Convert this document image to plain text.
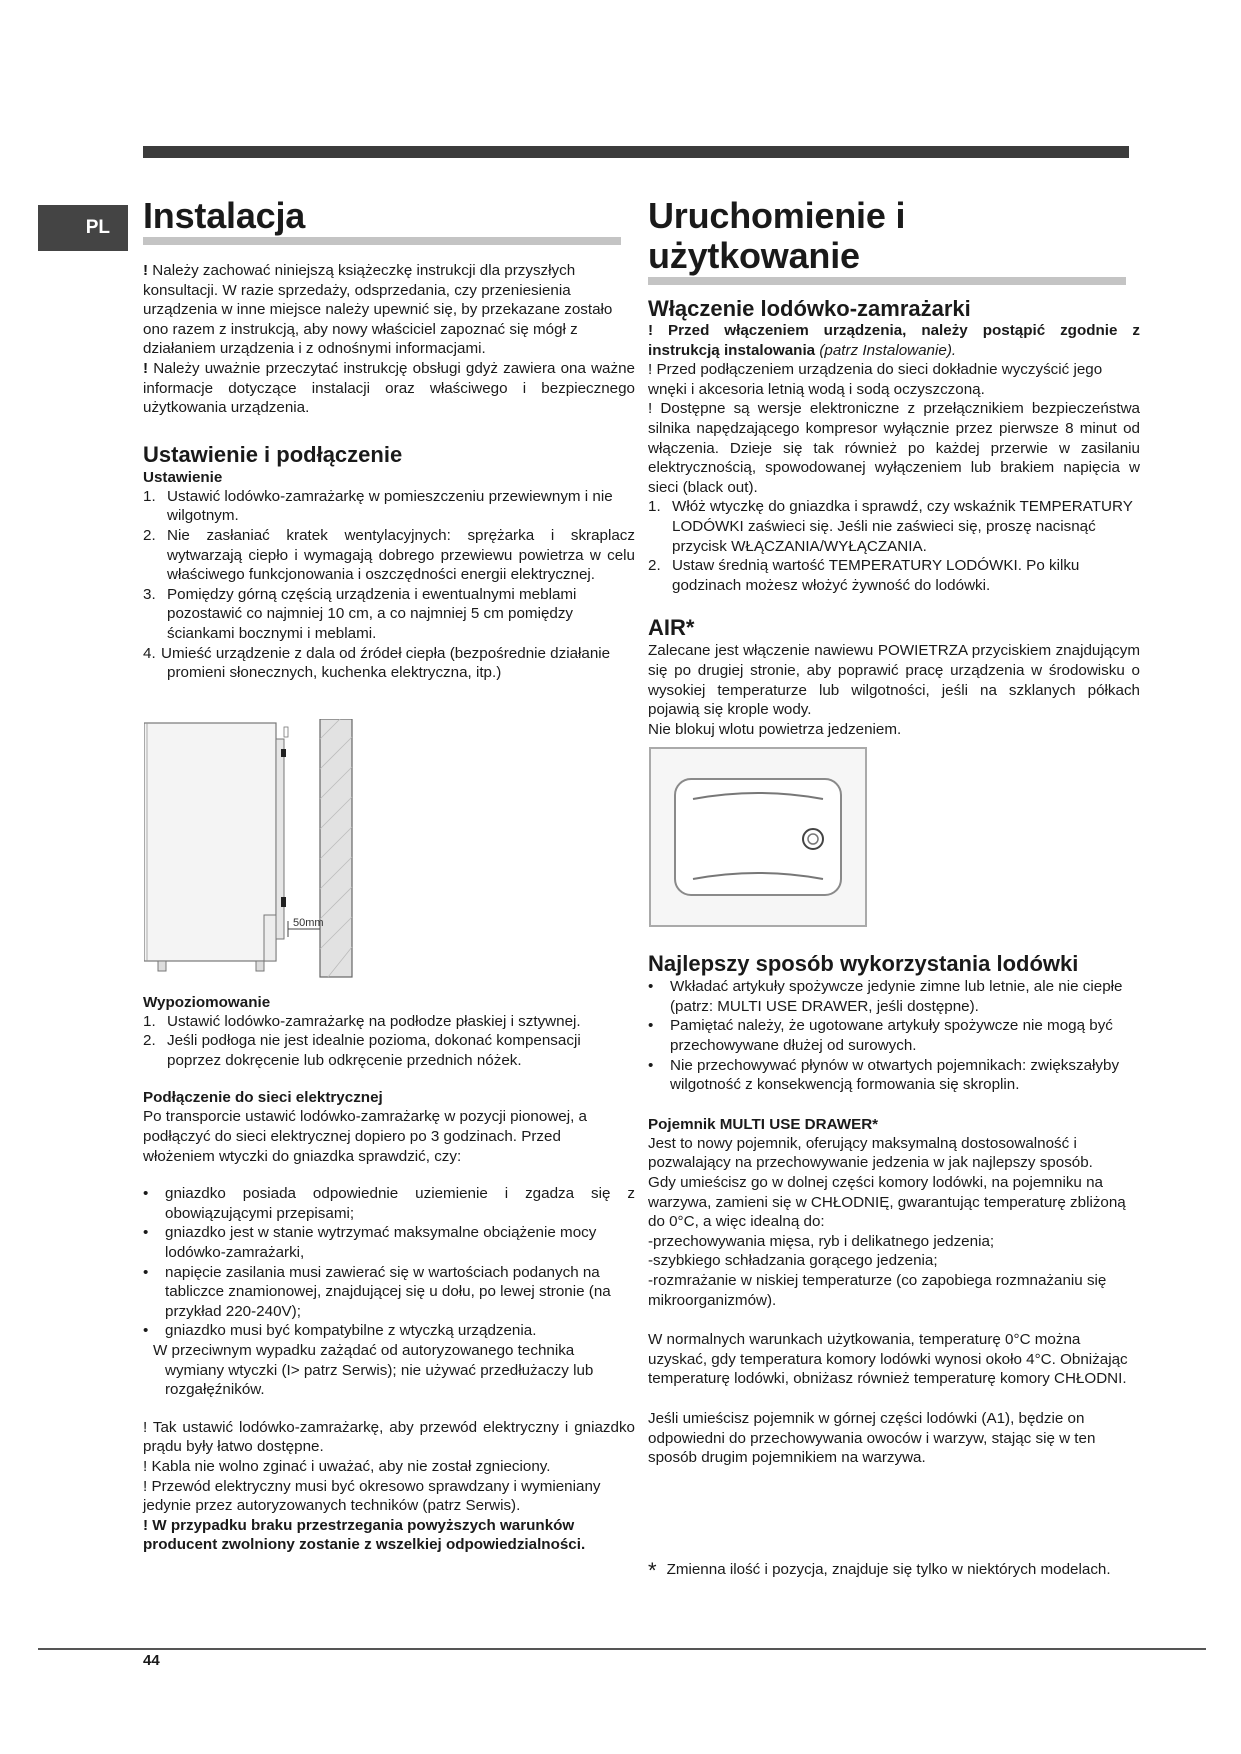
PL Instalacja

! Należy zachować niniejszą książeczkę instrukcji dla przyszłych konsultacji. W razie sprzedaży, odsprzedania, czy przeniesienia urządzenia w inne miejsce należy upewnić się, by przekazane zostało ono razem z instrukcją, aby nowy właściciel zapoznać się mógł z działaniem urządzenia i z odnośnymi informacjami.

! Należy uważnie przeczytać instrukcję obsługi gdyż zawiera ona ważne informacje dotyczące instalacji oraz właściwego i bezpiecznego użytkowania urządzenia.

Ustawienie i podłączenie
Ustawienie
1. Ustawić lodówko-zamrażarkę w pomieszczeniu przewiewnym i nie wilgotnym.
2. Nie zasłaniać kratek wentylacyjnych: sprężarka i skraplacz wytwarzają ciepło i wymagają dobrego przewiewu powietrza w celu właściwego funkcjonowania i oszczędności energii elektrycznej.
3. Pomiędzy górną częścią urządzenia i ewentualnymi meblami pozostawić co najmniej 10 cm, a co najmniej 5 cm pomiędzy ściankami bocznymi i meblami.
4. Umieść urządzenie z dala od źródeł ciepła (bezpośrednie działanie promieni słonecznych, kuchenka elektryczna, itp.)
50mm
Wypoziomowanie
1. Ustawić lodówko-zamrażarkę na podłodze płaskiej i sztywnej.
2. Jeśli podłoga nie jest idealnie pozioma, dokonać kompensacji poprzez dokręcenie lub odkręcenie przednich nóżek.
Podłączenie do sieci elektrycznej

Po transporcie ustawić lodówko-zamrażarkę w pozycji pionowej, a podłączyć do sieci elektrycznej dopiero po 3 godzinach. Przed włożeniem wtyczki do gniazdka sprawdzić, czy:

• gniazdko posiada odpowiednie uziemienie i zgadza się z obowiązującymi przepisami;
• gniazdko jest w stanie wytrzymać maksymalne obciążenie mocy lodówko-zamrażarki,
• napięcie zasilania musi zawierać się w wartościach podanych na tabliczce znamionowej, znajdującej się u dołu, po lewej stronie (na przykład 220-240V);
• gniazdko musi być kompatybilne z wtyczką urządzenia.

W przeciwnym wypadku zażądać od autoryzowanego technika wymiany wtyczki (I> patrz Serwis); nie używać przedłużaczy lub rozgałęźników.

! Tak ustawić lodówko-zamrażarkę, aby przewód elektryczny i gniazdko prądu były łatwo dostępne.

! Kabla nie wolno zginać i uważać, aby nie został zgnieciony.

! Przewód elektryczny musi być okresowo sprawdzany i wymieniany jedynie przez autoryzowanych techników (patrz Serwis).

! W przypadku braku przestrzegania powyższych warunków producent zwolniony zostanie z wszelkiej odpowiedzialności.

Uruchomienie i użytkowanie
Włączenie lodówko-zamrażarki

! Przed włączeniem urządzenia, należy postąpić zgodnie z instrukcją instalowania (patrz Instalowanie).

! Przed podłączeniem urządzenia do sieci dokładnie wyczyścić jego wnęki i akcesoria letnią wodą i sodą oczyszczoną.

! Dostępne są wersje elektroniczne z przełącznikiem bezpieczeństwa silnika napędzającego kompresor wyłącznie przez pierwsze 8 minut od włączenia. Dzieje się tak również po każdej przerwie w zasilaniu elektrycznością, spowodowanej wyłączeniem lub brakiem napięcia w sieci (black out).

1. Włóż wtyczkę do gniazdka i sprawdź, czy wskaźnik TEMPERATURY LODÓWKI zaświeci się. Jeśli nie zaświeci się, proszę nacisnąć przycisk WŁĄCZANIA/WYŁĄCZANIA.
2. Ustaw średnią wartość TEMPERATURY LODÓWKI. Po kilku godzinach możesz włożyć żywność do lodówki.
AIR*

Zalecane jest włączenie nawiewu POWIETRZA przyciskiem znajdującym się po drugiej stronie, aby poprawić pracę urządzenia w środowisku o wysokiej temperaturze lub wilgotności, jeśli na szklanych półkach pojawią się krople wody.

Nie blokuj wlotu powietrza jedzeniem.

Najlepszy sposób wykorzystania lodówki
• Wkładać artykuły spożywcze jedynie zimne lub letnie, ale nie ciepłe (patrz: MULTI USE DRAWER, jeśli dostępne).
• Pamiętać należy, że ugotowane artykuły spożywcze nie mogą być przechowywane dłużej od surowych.
• Nie przechowywać płynów w otwartych pojemnikach: zwiększałyby wilgotność z konsekwencją formowania się skroplin.
Pojemnik MULTI USE DRAWER*

Jest to nowy pojemnik, oferujący maksymalną dostosowalność i pozwalający na przechowywanie jedzenia w jak najlepszy sposób.

Gdy umieścisz go w dolnej części komory lodówki, na pojemniku na warzywa, zamieni się w CHŁODNIĘ, gwarantując temperaturę zbliżoną do 0°C, a więc idealną do:

-przechowywania mięsa, ryb i delikatnego jedzenia;

-szybkiego schładzania gorącego jedzenia;

-rozmrażanie w niskiej temperaturze (co zapobiega rozmnażaniu się mikroorganizmów).

W normalnych warunkach użytkowania, temperaturę 0°C można uzyskać, gdy temperatura komory lodówki wynosi około 4°C. Obniżając temperaturę lodówki, obniżasz również temperaturę komory CHŁODNI.

Jeśli umieścisz pojemnik w górnej części lodówki (A1), będzie on odpowiedni do przechowywania owoców i warzyw, stając się w ten sposób drugim pojemnikiem na warzywa.

* Zmienna ilość i pozycja, znajduje się tylko w niektórych modelach.
44
